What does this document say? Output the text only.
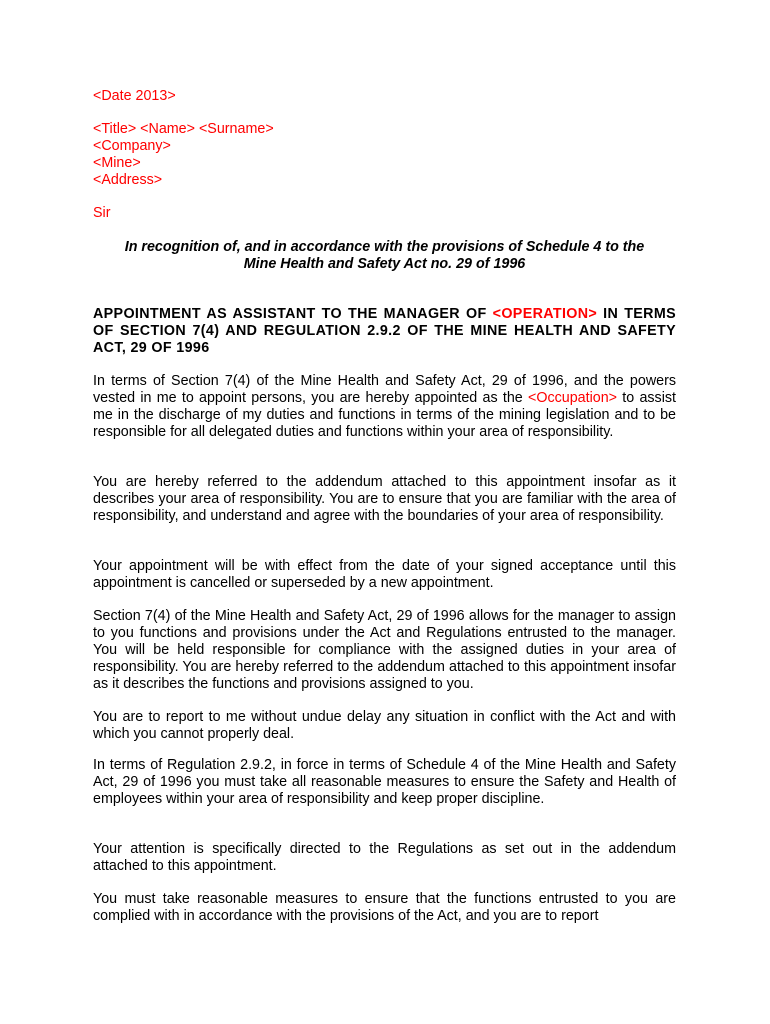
<Date 2013>
<Title> <Name> <Surname>
<Company>
<Mine>
<Address>
Sir
In recognition of, and in accordance with the provisions of Schedule 4 to the
Mine Health and Safety Act no. 29 of 1996
APPOINTMENT AS ASSISTANT TO THE MANAGER OF <OPERATION> IN TERMS OF SECTION 7(4) AND REGULATION 2.9.2 OF THE MINE HEALTH AND SAFETY ACT, 29 OF 1996
In terms of Section 7(4) of the Mine Health and Safety Act, 29 of 1996, and the powers vested in me to appoint persons, you are hereby appointed as the <Occupation> to assist me in the discharge of my duties and functions in terms of the mining legislation and to be responsible for all delegated duties and functions within your area of responsibility.
You are hereby referred to the addendum attached to this appointment insofar as it describes your area of responsibility. You are to ensure that you are familiar with the area of responsibility, and understand and agree with the boundaries of your area of responsibility.
Your appointment will be with effect from the date of your signed acceptance until this appointment is cancelled or superseded by a new appointment.
Section 7(4) of the Mine Health and Safety Act, 29 of 1996 allows for the manager to assign to you functions and provisions under the Act and Regulations entrusted to the manager. You will be held responsible for compliance with the assigned duties in your area of responsibility. You are hereby referred to the addendum attached to this appointment insofar as it describes the functions and provisions assigned to you.
You are to report to me without undue delay any situation in conflict with the Act and with which you cannot properly deal.
In terms of Regulation 2.9.2, in force in terms of Schedule 4 of the Mine Health and Safety Act, 29 of 1996 you must take all reasonable measures to ensure the Safety and Health of employees within your area of responsibility and keep proper discipline.
Your attention is specifically directed to the Regulations as set out in the addendum attached to this appointment.
You must take reasonable measures to ensure that the functions entrusted to you are complied with in accordance with the provisions of the Act, and you are to report
